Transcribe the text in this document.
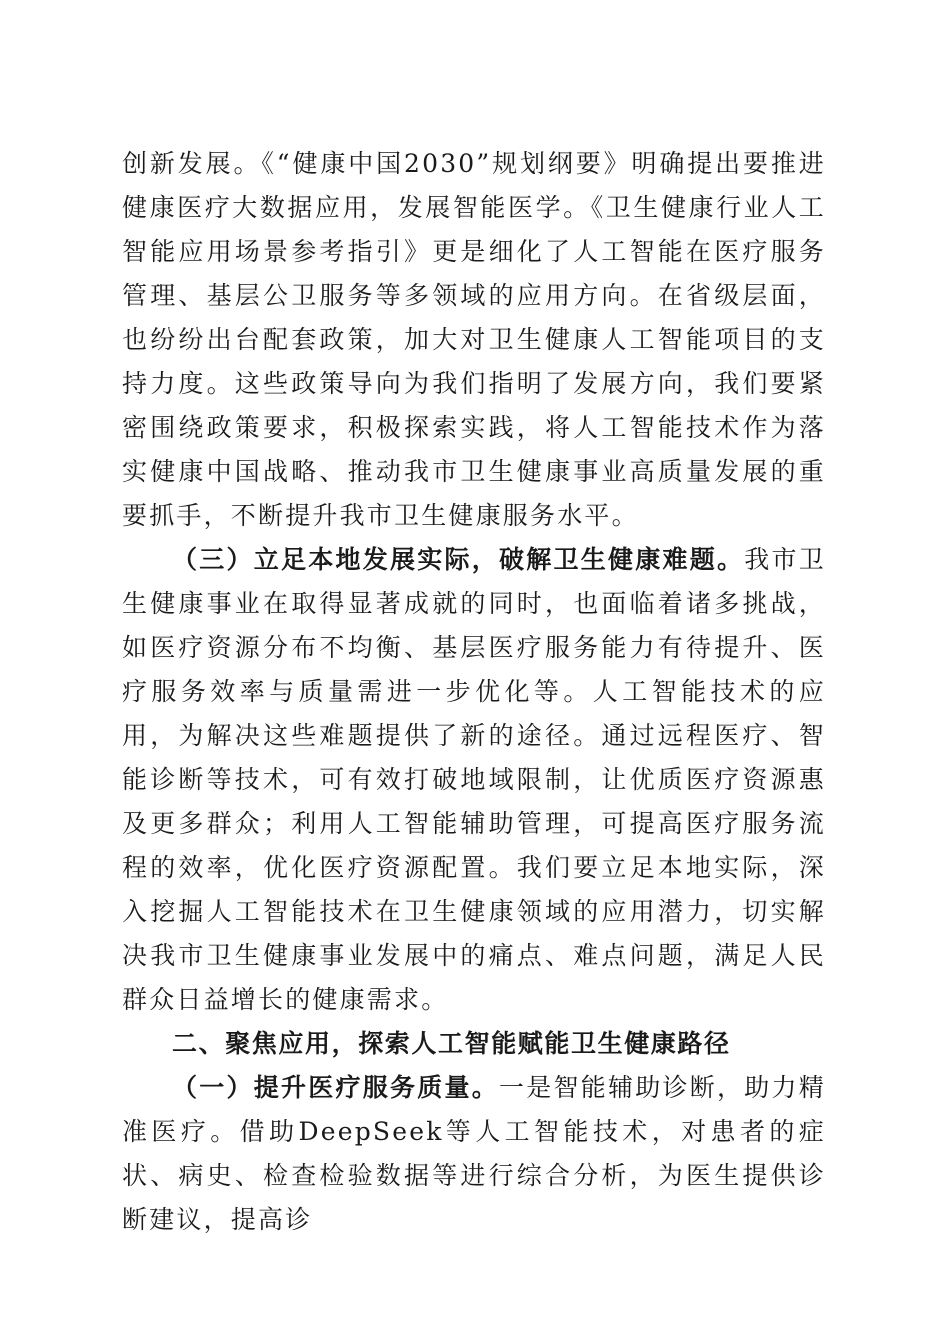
创新发展。《“健康中国2030”规划纲要》明确提出要推进健康医疗大数据应用，发展智能医学。《卫生健康行业人工智能应用场景参考指引》更是细化了人工智能在医疗服务管理、基层公卫服务等多领域的应用方向。在省级层面，也纷纷出台配套政策，加大对卫生健康人工智能项目的支持力度。这些政策导向为我们指明了发展方向，我们要紧密围绕政策要求，积极探索实践，将人工智能技术作为落实健康中国战略、推动我市卫生健康事业高质量发展的重要抓手，不断提升我市卫生健康服务水平。

（三）立足本地发展实际，破解卫生健康难题。我市卫生健康事业在取得显著成就的同时，也面临着诸多挑战，如医疗资源分布不均衡、基层医疗服务能力有待提升、医疗服务效率与质量需进一步优化等。人工智能技术的应用，为解决这些难题提供了新的途径。通过远程医疗、智能诊断等技术，可有效打破地域限制，让优质医疗资源惠及更多群众；利用人工智能辅助管理，可提高医疗服务流程的效率，优化医疗资源配置。我们要立足本地实际，深入挖掘人工智能技术在卫生健康领域的应用潜力，切实解决我市卫生健康事业发展中的痛点、难点问题，满足人民群众日益增长的健康需求。

二、聚焦应用，探索人工智能赋能卫生健康路径

（一）提升医疗服务质量。一是智能辅助诊断，助力精准医疗。借助DeepSeek等人工智能技术，对患者的症状、病史、检查检验数据等进行综合分析，为医生提供诊断建议，提高诊
